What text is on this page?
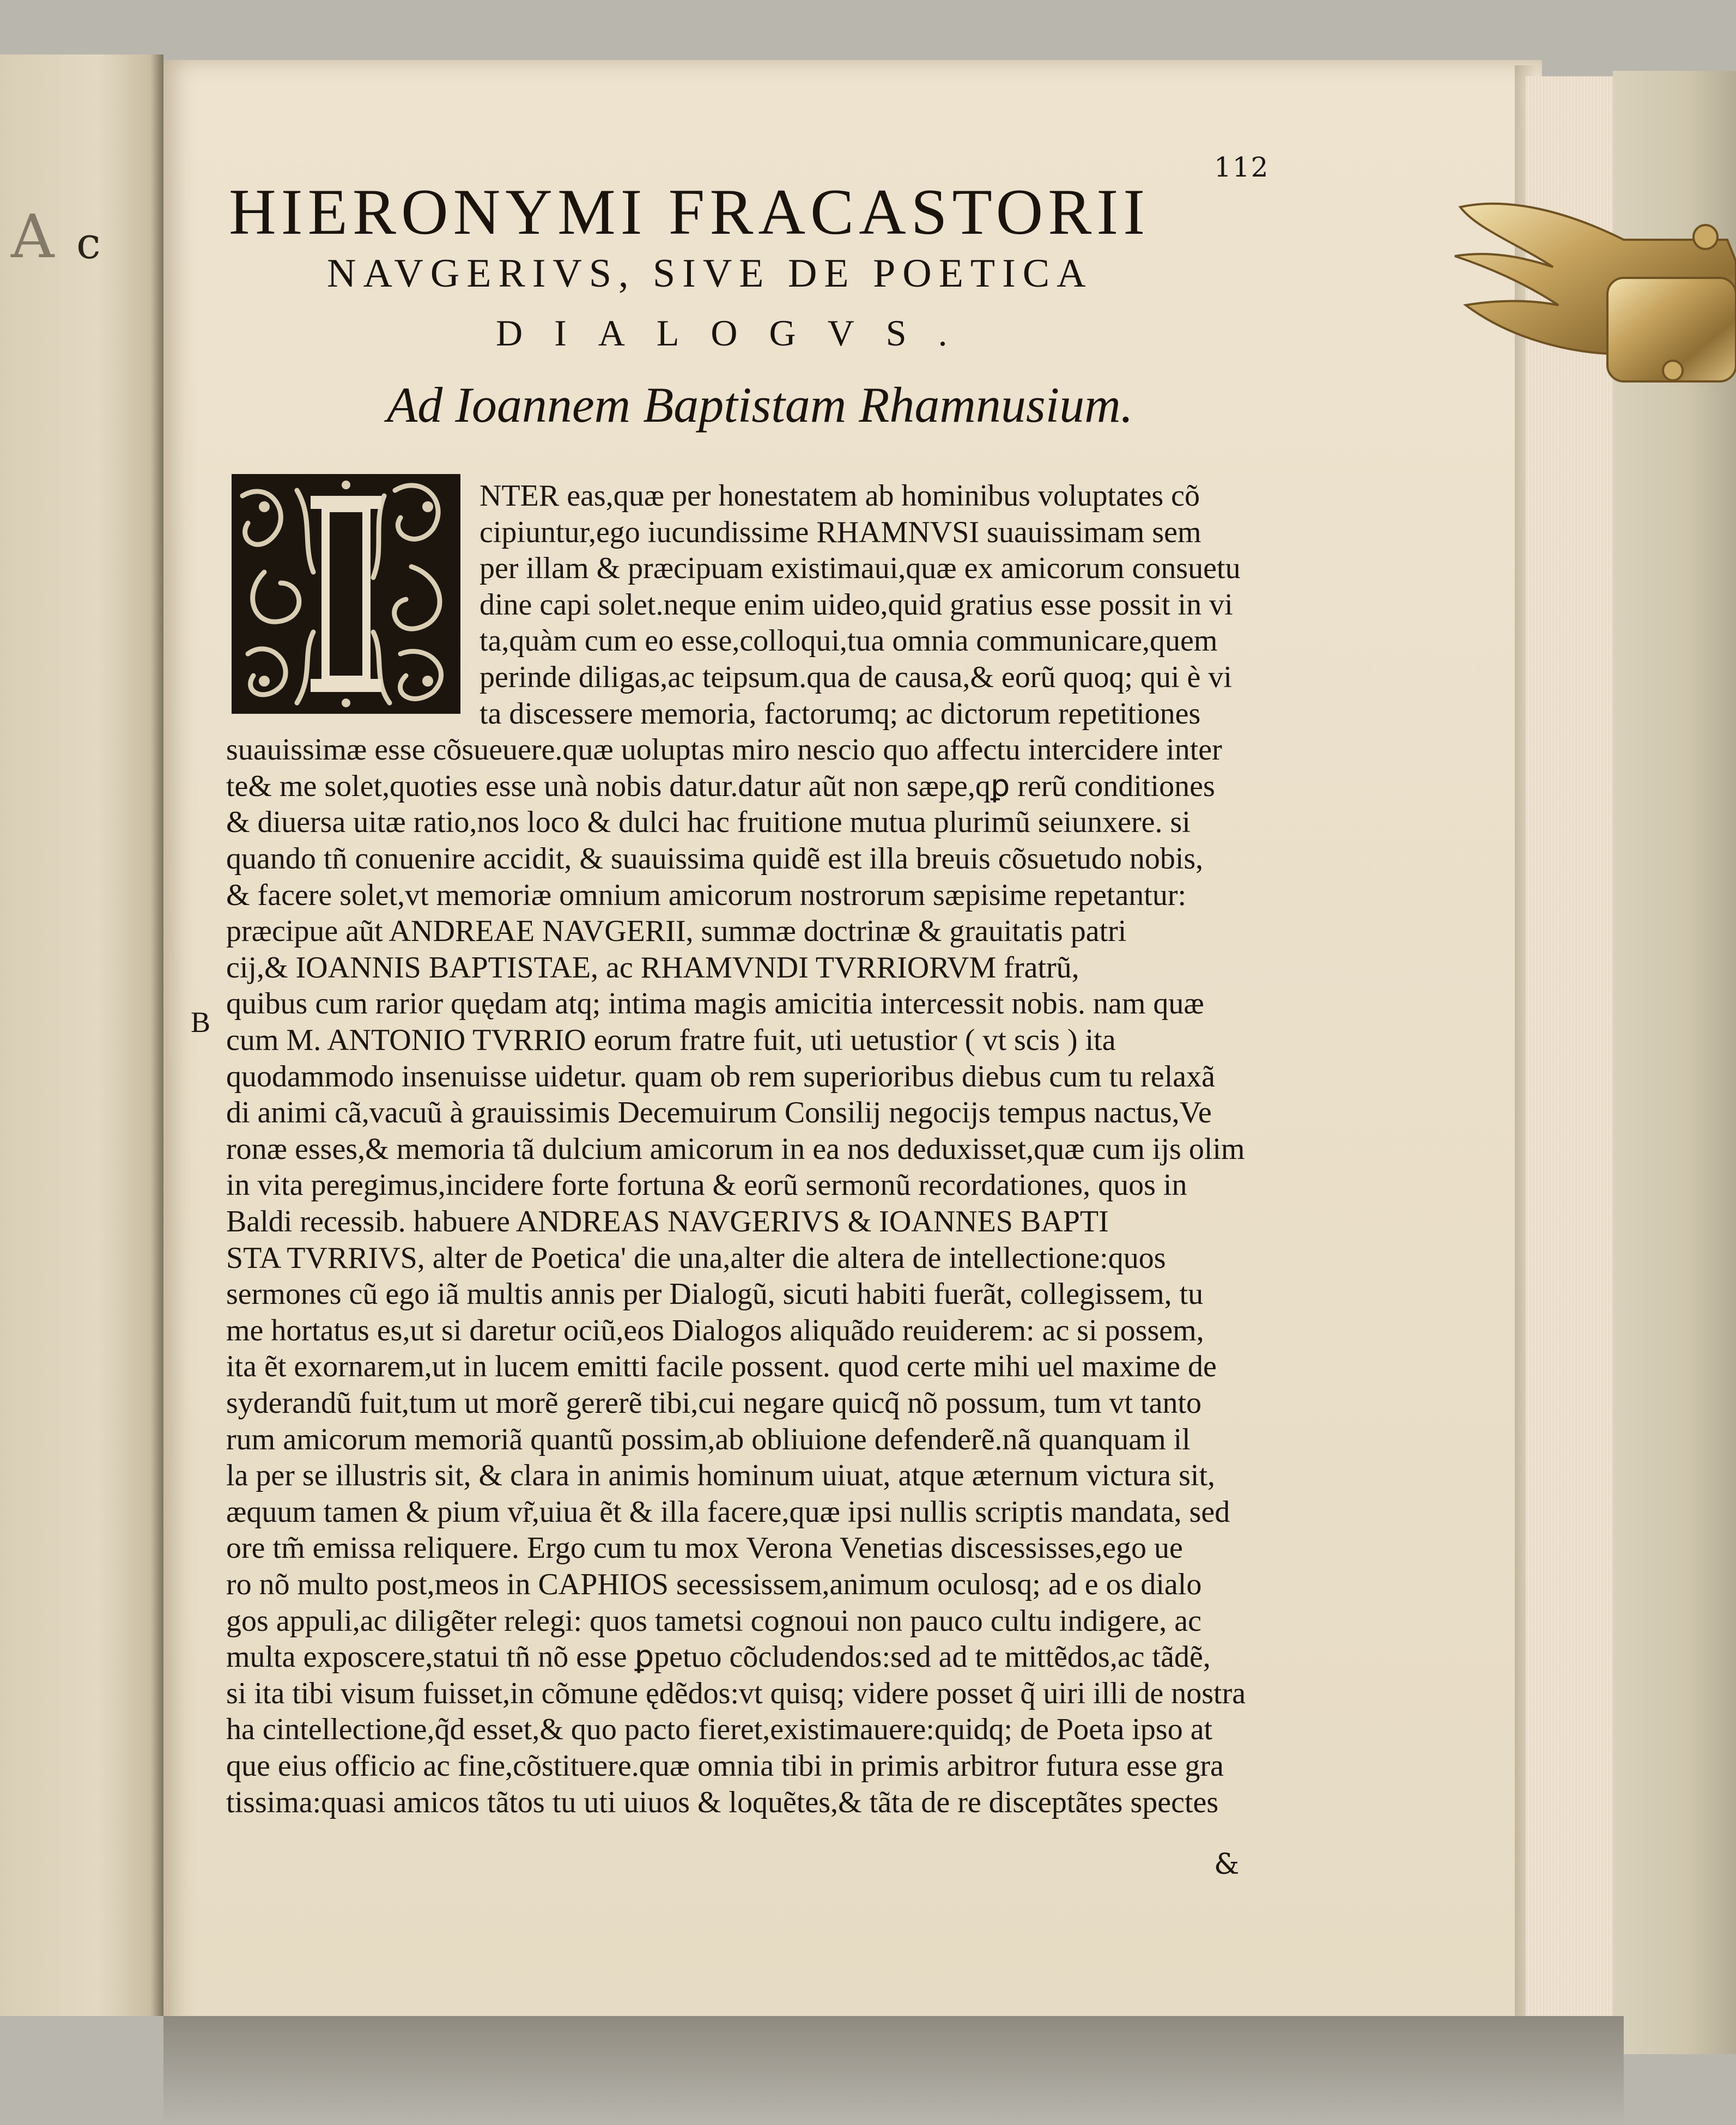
A c
112
HIERONYMI FRACASTORII
NAVGERIVS, SIVE DE POETICA
DIALOGVS.
Ad Ioannem Baptistam Rhamnusium.
B
NTER eas,quæ per honestatem ab hominibus voluptates cõ
cipiuntur,ego iucundissime RHAMNVSI suauissimam sem
per illam & præcipuam existimaui,quæ ex amicorum consuetu
dine capi solet.neque enim uideo,quid gratius esse possit in vi
ta,quàm cum eo esse,colloqui,tua omnia communicare,quem
perinde diligas,ac teipsum.qua de causa,& eorũ quoq; qui è vi
ta discessere memoria, factorumq; ac dictorum repetitiones
suauissimæ esse cõsueuere.quæ uoluptas miro nescio quo affectu intercidere inter
te& me solet,quoties esse unà nobis datur.datur aũt non sæpe,qꝑ rerũ conditiones
& diuersa uitæ ratio,nos loco & dulci hac fruitione mutua plurimũ seiunxere. si
quando tñ conuenire accidit, & suauissima quidẽ est illa breuis cõsuetudo nobis,
& facere solet,vt memoriæ omnium amicorum nostrorum sæpisime repetantur:
præcipue aũt ANDREAE NAVGERII, summæ doctrinæ & grauitatis patri
cij,& IOANNIS BAPTISTAE, ac RHAMVNDI TVRRIORVM fratrũ,
quibus cum rarior quędam atq; intima magis amicitia intercessit nobis. nam quæ
cum M. ANTONIO TVRRIO eorum fratre fuit, uti uetustior ( vt scis ) ita
quodammodo insenuisse uidetur. quam ob rem superioribus diebus cum tu relaxã
di animi cã,vacuũ à grauissimis Decemuirum Consilij negocijs tempus nactus,Ve
ronæ esses,& memoria tã dulcium amicorum in ea nos deduxisset,quæ cum ijs olim
in vita peregimus,incidere forte fortuna & eorũ sermonũ recordationes, quos in
Baldi recessib. habuere ANDREAS NAVGERIVS & IOANNES BAPTI
STA TVRRIVS, alter de Poetica' die una,alter die altera de intellectione:quos
sermones cũ ego iã multis annis per Dialogũ, sicuti habiti fuerãt, collegissem, tu
me hortatus es,ut si daretur ociũ,eos Dialogos aliquãdo reuiderem: ac si possem,
ita ẽt exornarem,ut in lucem emitti facile possent. quod certe mihi uel maxime de
syderandũ fuit,tum ut morẽ gererẽ tibi,cui negare quicq̃ nõ possum, tum vt tanto
rum amicorum memoriã quantũ possim,ab obliuione defenderẽ.nã quanquam il
la per se illustris sit, & clara in animis hominum uiuat, atque æternum victura sit,
æquum tamen & pium vr̃,uiua ẽt & illa facere,quæ ipsi nullis scriptis mandata, sed
ore tm̃ emissa reliquere. Ergo cum tu mox Verona Venetias discessisses,ego ue
ro nõ multo post,meos in CAPHIOS secessissem,animum oculosq; ad e os dialo
gos appuli,ac diligẽter relegi: quos tametsi cognoui non pauco cultu indigere, ac
multa exposcere,statui tñ nõ esse ꝑpetuo cõcludendos:sed ad te mittẽdos,ac tãdẽ,
si ita tibi visum fuisset,in cõmune ędẽdos:vt quisq; videre posset q̃ uiri illi de nostra
ha cintellectione,q̃d esset,& quo pacto fieret,existimauere:quidq; de Poeta ipso at
que eius officio ac fine,cõstituere.quæ omnia tibi in primis arbitror futura esse gra
tissima:quasi amicos tãtos tu uti uiuos & loquẽtes,& tãta de re disceptãtes spectes
&
